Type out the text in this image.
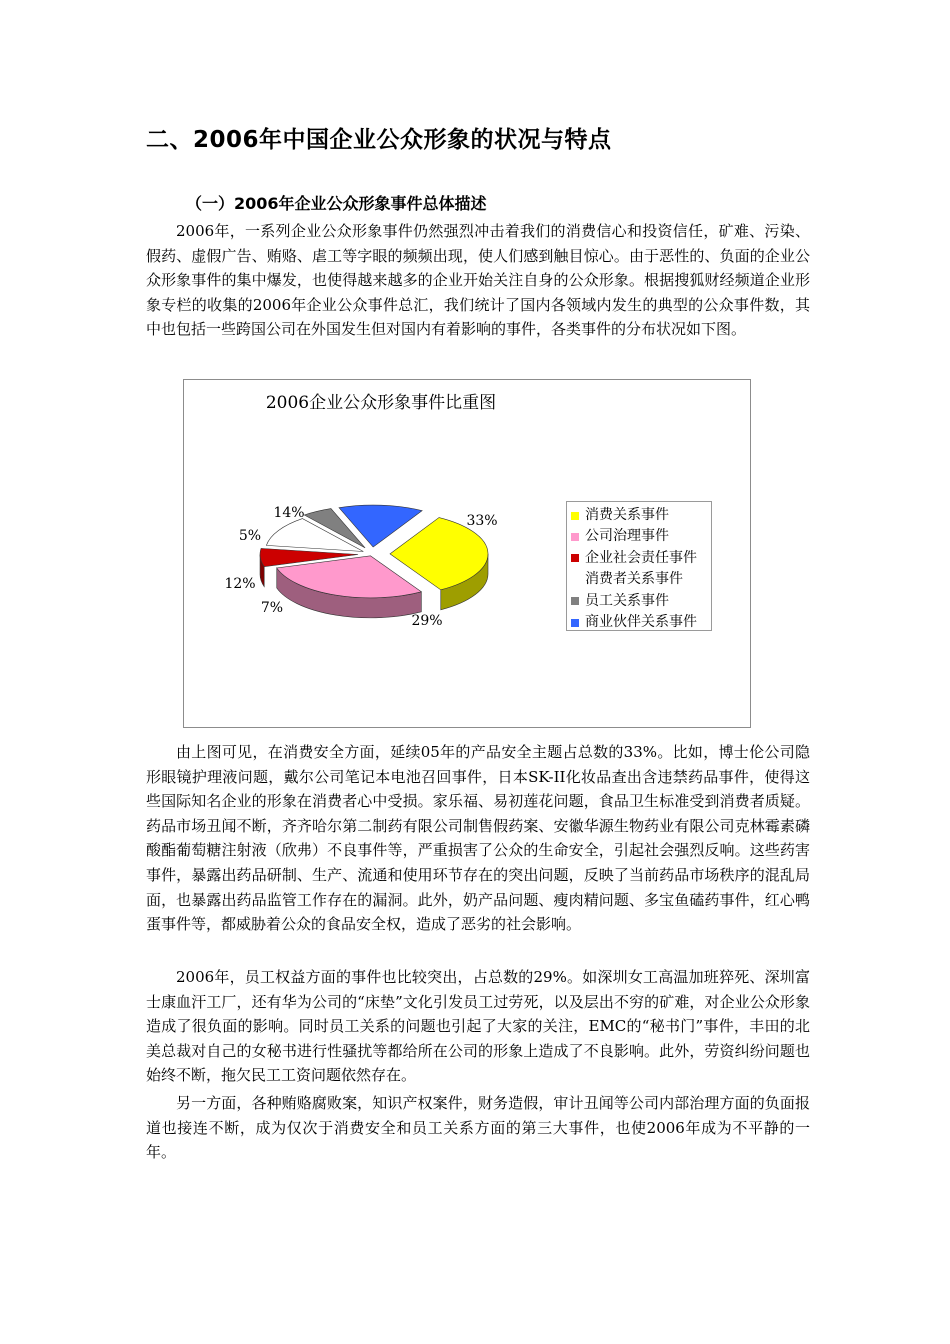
二、2006年中国企业公众形象的状况与特点
（一）2006年企业公众形象事件总体描述

2006年，一系列企业公众形象事件仍然强烈冲击着我们的消费信心和投资信任，矿难、污染、假药、虚假广告、贿赂、虐工等字眼的频频出现，使人们感到触目惊心。由于恶性的、负面的企业公众形象事件的集中爆发，也使得越来越多的企业开始关注自身的公众形象。根据搜狐财经频道企业形象专栏的收集的2006年企业公众事件总汇，我们统计了国内各领域内发生的典型的公众事件数，其中也包括一些跨国公司在外国发生但对国内有着影响的事件，各类事件的分布状况如下图。

2006企业公众形象事件比重图
33%
29%
7%
12%
5%
14%	消费关系事件
公司治理事件
企业社会责任事件
消费者关系事件
员工关系事件
商业伙伴关系事件

由上图可见，在消费安全方面，延续05年的产品安全主题占总数的33%。比如，博士伦公司隐形眼镜护理液问题，戴尔公司笔记本电池召回事件，日本SK-II化妆品查出含违禁药品事件，使得这些国际知名企业的形象在消费者心中受损。家乐福、易初莲花问题，食品卫生标准受到消费者质疑。药品市场丑闻不断，齐齐哈尔第二制药有限公司制售假药案、安徽华源生物药业有限公司克林霉素磷酸酯葡萄糖注射液（欣弗）不良事件等，严重损害了公众的生命安全，引起社会强烈反响。这些药害事件，暴露出药品研制、生产、流通和使用环节存在的突出问题，反映了当前药品市场秩序的混乱局面，也暴露出药品监管工作存在的漏洞。此外，奶产品问题、瘦肉精问题、多宝鱼磕药事件，红心鸭蛋事件等，都威胁着公众的食品安全权，造成了恶劣的社会影响。

2006年，员工权益方面的事件也比较突出，占总数的29%。如深圳女工高温加班猝死、深圳富士康血汗工厂，还有华为公司的“床垫”文化引发员工过劳死，以及层出不穷的矿难，对企业公众形象造成了很负面的影响。同时员工关系的问题也引起了大家的关注，EMC的“秘书门”事件，丰田的北美总裁对自己的女秘书进行性骚扰等都给所在公司的形象上造成了不良影响。此外，劳资纠纷问题也始终不断，拖欠民工工资问题依然存在。

另一方面，各种贿赂腐败案，知识产权案件，财务造假，审计丑闻等公司内部治理方面的负面报道也接连不断，成为仅次于消费安全和员工关系方面的第三大事件，也使2006年成为不平静的一年。
